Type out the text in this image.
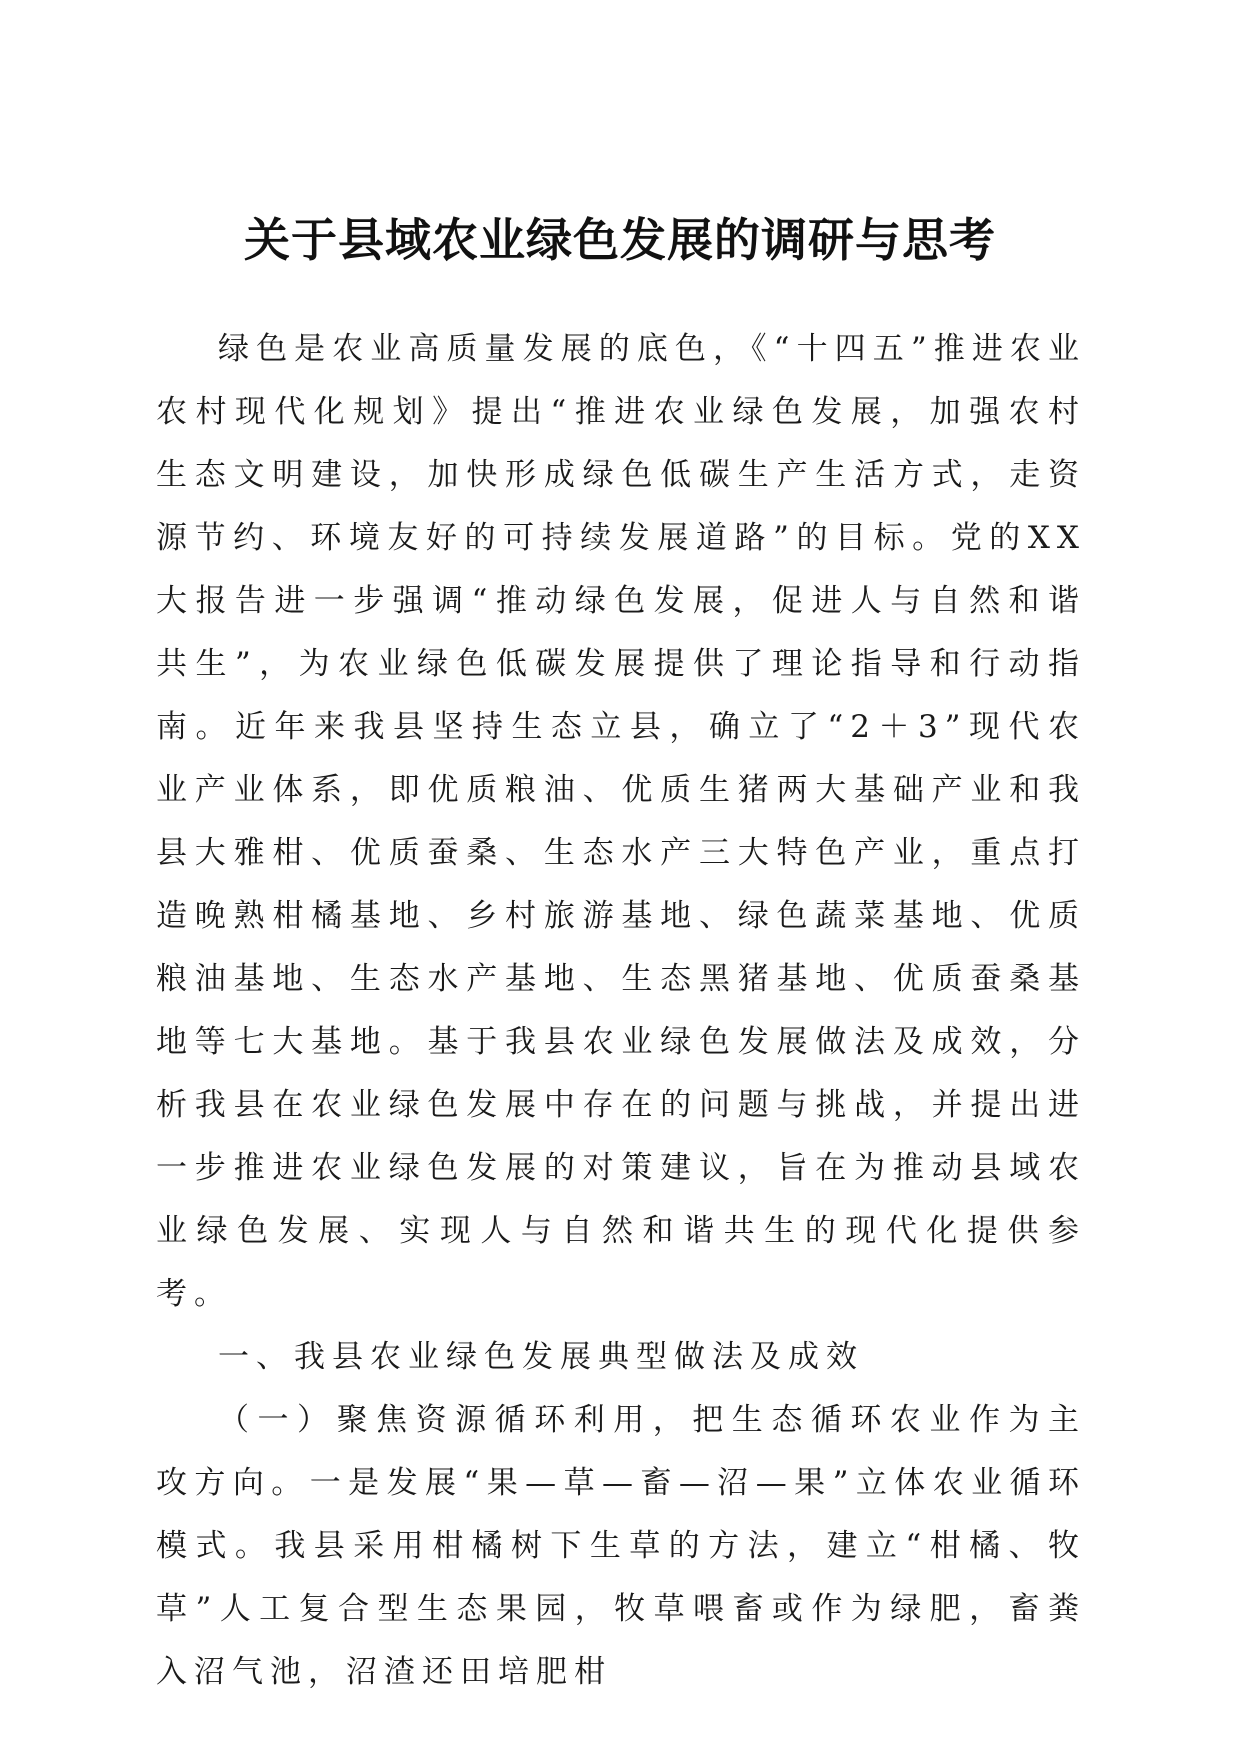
关于县域农业绿色发展的调研与思考

绿色是农业高质量发展的底色，《“十四五”推进农业农村现代化规划》提出“推进农业绿色发展，加强农村生态文明建设，加快形成绿色低碳生产生活方式，走资源节约、环境友好的可持续发展道路”的目标。党的XX大报告进一步强调“推动绿色发展，促进人与自然和谐共生”，为农业绿色低碳发展提供了理论指导和行动指南。近年来我县坚持生态立县，确立了“2＋3”现代农业产业体系，即优质粮油、优质生猪两大基础产业和我县大雅柑、优质蚕桑、生态水产三大特色产业，重点打造晚熟柑橘基地、乡村旅游基地、绿色蔬菜基地、优质粮油基地、生态水产基地、生态黑猪基地、优质蚕桑基地等七大基地。基于我县农业绿色发展做法及成效，分析我县在农业绿色发展中存在的问题与挑战，并提出进一步推进农业绿色发展的对策建议，旨在为推动县域农业绿色发展、实现人与自然和谐共生的现代化提供参考。

一、我县农业绿色发展典型做法及成效

（一）聚焦资源循环利用，把生态循环农业作为主攻方向。一是发展“果—草—畜—沼—果”立体农业循环模式。我县采用柑橘树下生草的方法，建立“柑橘、牧草”人工复合型生态果园，牧草喂畜或作为绿肥，畜粪入沼气池，沼渣还田培肥柑
